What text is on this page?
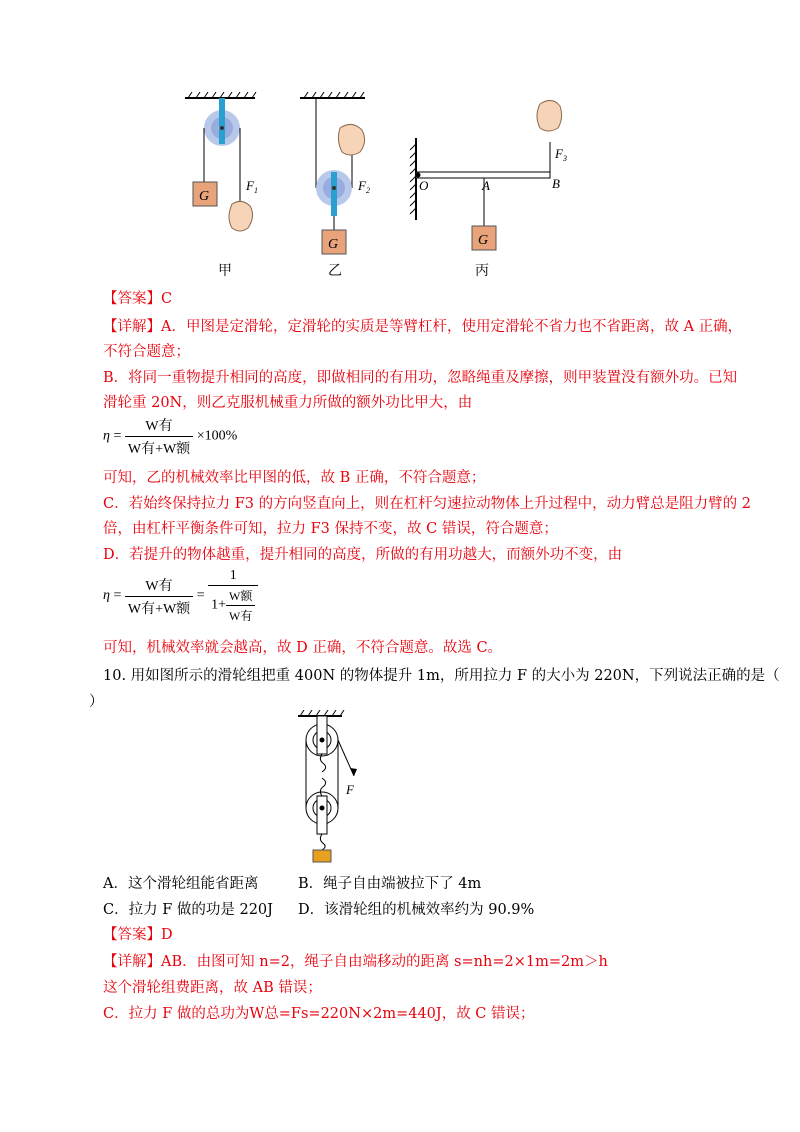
G
$F_1$
G
$F_2$
G
O	A	B
$F_3$
甲	乙	丙
【答案】C
【详解】A．甲图是定滑轮，定滑轮的实质是等臂杠杆，使用定滑轮不省力也不省距离，故 A 正确，
不符合题意；
B．将同一重物提升相同的高度，即做相同的有用功，忽略绳重及摩擦，则甲装置没有额外功。已知
滑轮重 20N，则乙克服机械重力所做的额外功比甲大，由
$\eta = \frac{\text{W有}}{\text{W有+W额}} \times 100\%$
可知，乙的机械效率比甲图的低，故 B 正确，不符合题意；
C．若始终保持拉力 F3 的方向竖直向上，则在杠杆匀速拉动物体上升过程中，动力臂总是阻力臂的 2
倍，由杠杆平衡条件可知，拉力 F3 保持不变，故 C 错误，符合题意；
D．若提升的物体越重，提升相同的高度，所做的有用功越大，而额外功不变，由
$\eta = \frac{\text{W有}}{\text{W有+W额}} = \frac{1}{1+ \frac{\text{W额}}{\text{W有}}}$
可知，机械效率就会越高，故 D 正确，不符合题意。故选 C。
10. 用如图所示的滑轮组把重 400N 的物体提升 1m，所用拉力 F 的大小为 220N，下列说法正确的是（
）
F
A．这个滑轮组能省距离	B．绳子自由端被拉下了 4m
C．拉力 F 做的功是 220J D．该滑轮组的机械效率约为 90.9%
【答案】D
【详解】AB．由图可知 n=2，绳子自由端移动的距离 s=nh=2×1m=2m＞h
这个滑轮组费距离，故 AB 错误；
C．拉力 F 做的总功为W总=Fs=220N×2m=440J，故 C 错误；
